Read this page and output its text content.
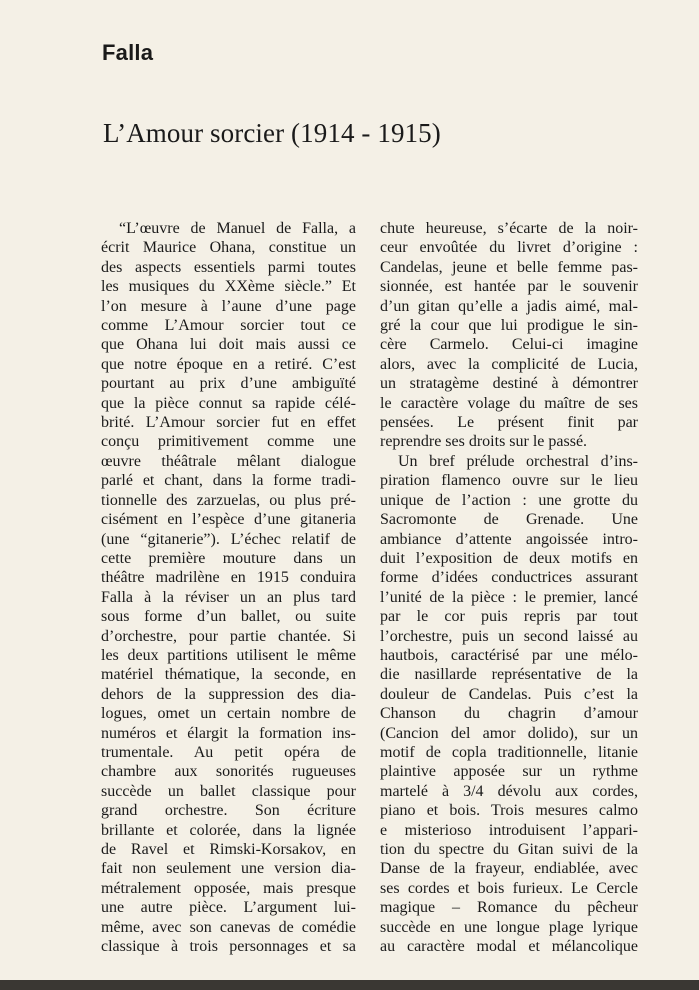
Falla
L’Amour sorcier (1914 - 1915)

“L’œuvre de Manuel de Falla, a
écrit Maurice Ohana, constitue un
des aspects essentiels parmi toutes
les musiques du XXème siècle.” Et
l’on mesure à l’aune d’une page
comme L’Amour sorcier tout ce
que Ohana lui doit mais aussi ce
que notre époque en a retiré. C’est
pourtant au prix d’une ambiguïté
que la pièce connut sa rapide célé-
brité. L’Amour sorcier fut en effet
conçu primitivement comme une
œuvre théâtrale mêlant dialogue
parlé et chant, dans la forme tradi-
tionnelle des zarzuelas, ou plus pré-
cisément en l’espèce d’une gitaneria
(une “gitanerie”). L’échec relatif de
cette première mouture dans un
théâtre madrilène en 1915 conduira
Falla à la réviser un an plus tard
sous forme d’un ballet, ou suite
d’orchestre, pour partie chantée. Si
les deux partitions utilisent le même
matériel thématique, la seconde, en
dehors de la suppression des dia-
logues, omet un certain nombre de
numéros et élargit la formation ins-
trumentale. Au petit opéra de
chambre aux sonorités rugueuses
succède un ballet classique pour
grand orchestre. Son écriture
brillante et colorée, dans la lignée
de Ravel et Rimski-Korsakov, en
fait non seulement une version dia-
métralement opposée, mais presque
une autre pièce. L’argument lui-
même, avec son canevas de comédie
classique à trois personnages et sa

chute heureuse, s’écarte de la noir-
ceur envoûtée du livret d’origine :
Candelas, jeune et belle femme pas-
sionnée, est hantée par le souvenir
d’un gitan qu’elle a jadis aimé, mal-
gré la cour que lui prodigue le sin-
cère Carmelo. Celui-ci imagine
alors, avec la complicité de Lucia,
un stratagème destiné à démontrer
le caractère volage du maître de ses
pensées. Le présent finit par
reprendre ses droits sur le passé.

Un bref prélude orchestral d’ins-
piration flamenco ouvre sur le lieu
unique de l’action : une grotte du
Sacromonte de Grenade. Une
ambiance d’attente angoissée intro-
duit l’exposition de deux motifs en
forme d’idées conductrices assurant
l’unité de la pièce : le premier, lancé
par le cor puis repris par tout
l’orchestre, puis un second laissé au
hautbois, caractérisé par une mélo-
die nasillarde représentative de la
douleur de Candelas. Puis c’est la
Chanson du chagrin d’amour
(Cancion del amor dolido), sur un
motif de copla traditionnelle, litanie
plaintive apposée sur un rythme
martelé à 3/4 dévolu aux cordes,
piano et bois. Trois mesures calmo
e misterioso introduisent l’appari-
tion du spectre du Gitan suivi de la
Danse de la frayeur, endiablée, avec
ses cordes et bois furieux. Le Cercle
magique – Romance du pêcheur
succède en une longue plage lyrique
au caractère modal et mélancolique
